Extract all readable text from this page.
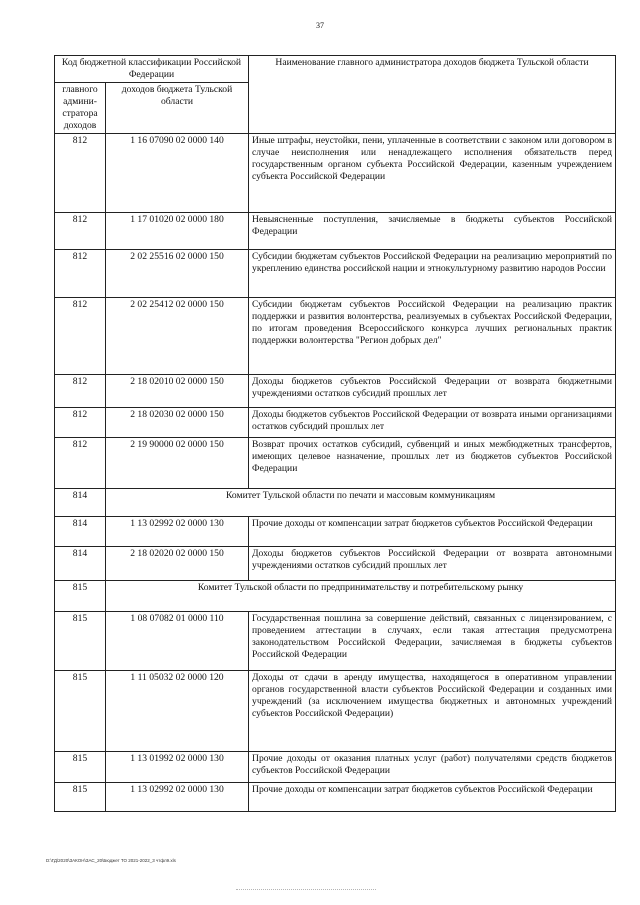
37
Код бюджетной классификации Российской Федерации		Наименование главного администратора доходов бюджета Тульской области
главного админи-стратора доходов	доходов бюджета Тульской области	
812	1 16 07090 02 0000 140	Иные штрафы, неустойки, пени, уплаченные в соответствии с законом или договором в случае неисполнения или ненадлежащего исполнения обязательств перед государственным органом субъекта Российской Федерации, казенным учреждением субъекта Российской Федерации
812	1 17 01020 02 0000 180	Невыясненные поступления, зачисляемые в бюджеты субъектов Российской Федерации
812	2 02 25516 02 0000 150	Субсидии бюджетам субъектов Российской Федерации на реализацию мероприятий по укреплению единства российской нации и этнокультурному развитию народов России
812	2 02 25412 02 0000 150	Субсидии бюджетам субъектов Российской Федерации на реализацию практик поддержки и развития волонтерства, реализуемых в субъектах Российской Федерации, по итогам проведения Всероссийского конкурса лучших региональных практик поддержки волонтерства "Регион добрых дел"
812	2 18 02010 02 0000 150	Доходы бюджетов субъектов Российской Федерации от возврата бюджетными учреждениями остатков субсидий прошлых лет
812	2 18 02030 02 0000 150	Доходы бюджетов субъектов Российской Федерации от возврата иными организациями остатков субсидий прошлых лет
812	2 19 90000 02 0000 150	Возврат прочих остатков субсидий, субвенций и иных межбюджетных трансфертов, имеющих целевое назначение, прошлых лет из бюджетов субъектов Российской Федерации
814	Комитет Тульской области по печати и массовым коммуникациям	
814	1 13 02992 02 0000 130	Прочие доходы от компенсации затрат бюджетов субъектов Российской Федерации
814	2 18 02020 02 0000 150	Доходы бюджетов субъектов Российской Федерации от возврата автономными учреждениями остатков субсидий прошлых лет
815	Комитет Тульской области по предпринимательству и потребительскому рынку	
815	1 08 07082 01 0000 110	Государственная пошлина за совершение действий, связанных с лицензированием, с проведением аттестации в случаях, если такая аттестация предусмотрена законодательством Российской Федерации, зачисляемая в бюджеты субъектов Российской Федерации
815	1 11 05032 02 0000 120	Доходы от сдачи в аренду имущества, находящегося в оперативном управлении органов государственной власти субъектов Российской Федерации и созданных ими учреждений (за исключением имущества бюджетных и автономных учреждений субъектов Российской Федерации)
815	1 13 01992 02 0000 130	Прочие доходы от оказания платных услуг (работ) получателями средств бюджетов субъектов Российской Федерации
815	1 13 02992 02 0000 130	Прочие доходы от компенсации затрат бюджетов субъектов Российской Федерации
D:\ГД\2020\ЗАКОН\ЗАС_20\Бюджет ТО 2021-2022_3 чтфл9.xls
